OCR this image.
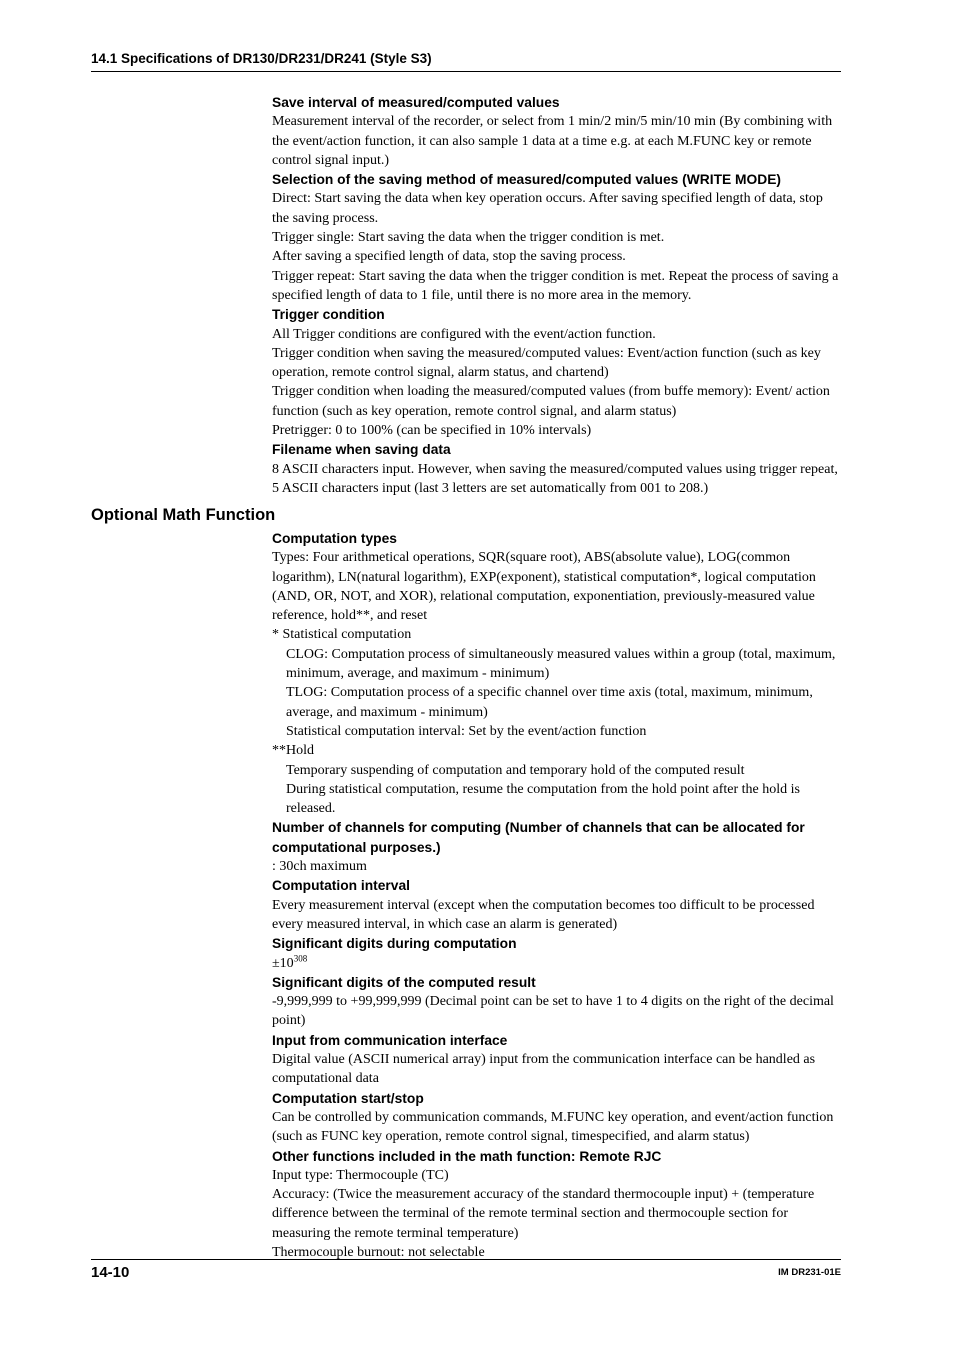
14.1 Specifications of DR130/DR231/DR241 (Style S3)
Save interval of measured/computed values
Measurement interval of the recorder, or select from 1 min/2 min/5 min/10 min (By combining with the event/action function, it can also sample 1 data at a time e.g. at each M.FUNC key or remote control signal input.)
Selection of the saving method of measured/computed values (WRITE MODE)
Direct: Start saving the data when key operation occurs. After saving specified length of data, stop the saving process.
Trigger single: Start saving the data when the trigger condition is met.
After saving a specified length of data, stop the saving process.
Trigger repeat: Start saving the data when the trigger condition is met. Repeat the process of saving a specified length of data to 1 file, until there is no more area in the memory.
Trigger condition
All Trigger conditions are configured with the event/action function.
Trigger condition when saving the measured/computed values: Event/action function (such as key operation, remote control signal, alarm status, and chartend)
Trigger condition when loading the measured/computed values (from buffe memory): Event/ action function (such as key operation, remote control signal, and alarm status)
Pretrigger: 0 to 100% (can be specified in 10% intervals)
Filename when saving data
8 ASCII characters input. However, when saving the measured/computed values using trigger repeat, 5 ASCII characters input (last 3 letters are set automatically from 001 to 208.)
Optional Math Function
Computation types
Types: Four arithmetical operations, SQR(square root), ABS(absolute value), LOG(common logarithm), LN(natural logarithm), EXP(exponent), statistical computation*, logical computation (AND, OR, NOT, and XOR), relational computation, exponentiation, previously-measured value reference, hold**, and reset
* Statistical computation
CLOG: Computation process of simultaneously measured values within a group (total, maximum, minimum, average, and maximum - minimum)
TLOG: Computation process of a specific channel over time axis (total, maximum, minimum, average, and maximum - minimum)
Statistical computation interval: Set by the event/action function
**Hold
Temporary suspending of computation and temporary hold of the computed result
During statistical computation, resume the computation from the hold point after the hold is released.
Number of channels for computing (Number of channels that can be allocated for computational purposes.)
: 30ch maximum
Computation interval
Every measurement interval (except when the computation becomes too difficult to be processed every measured interval, in which case an alarm is generated)
Significant digits during computation
$\pm 10^{308}$
Significant digits of the computed result
-9,999,999 to +99,999,999 (Decimal point can be set to have 1 to 4 digits on the right of the decimal point)
Input from communication interface
Digital value (ASCII numerical array) input from the communication interface can be handled as computational data
Computation start/stop
Can be controlled by communication commands, M.FUNC key operation, and event/action function (such as FUNC key operation, remote control signal, timespecified, and alarm status)
Other functions included in the math function: Remote RJC
Input type: Thermocouple (TC)
Accuracy: (Twice the measurement accuracy of the standard thermocouple input) + (temperature difference between the terminal of the remote terminal section and thermocouple section for measuring the remote terminal temperature)
Thermocouple burnout: not selectable
14-10	IM DR231-01E
